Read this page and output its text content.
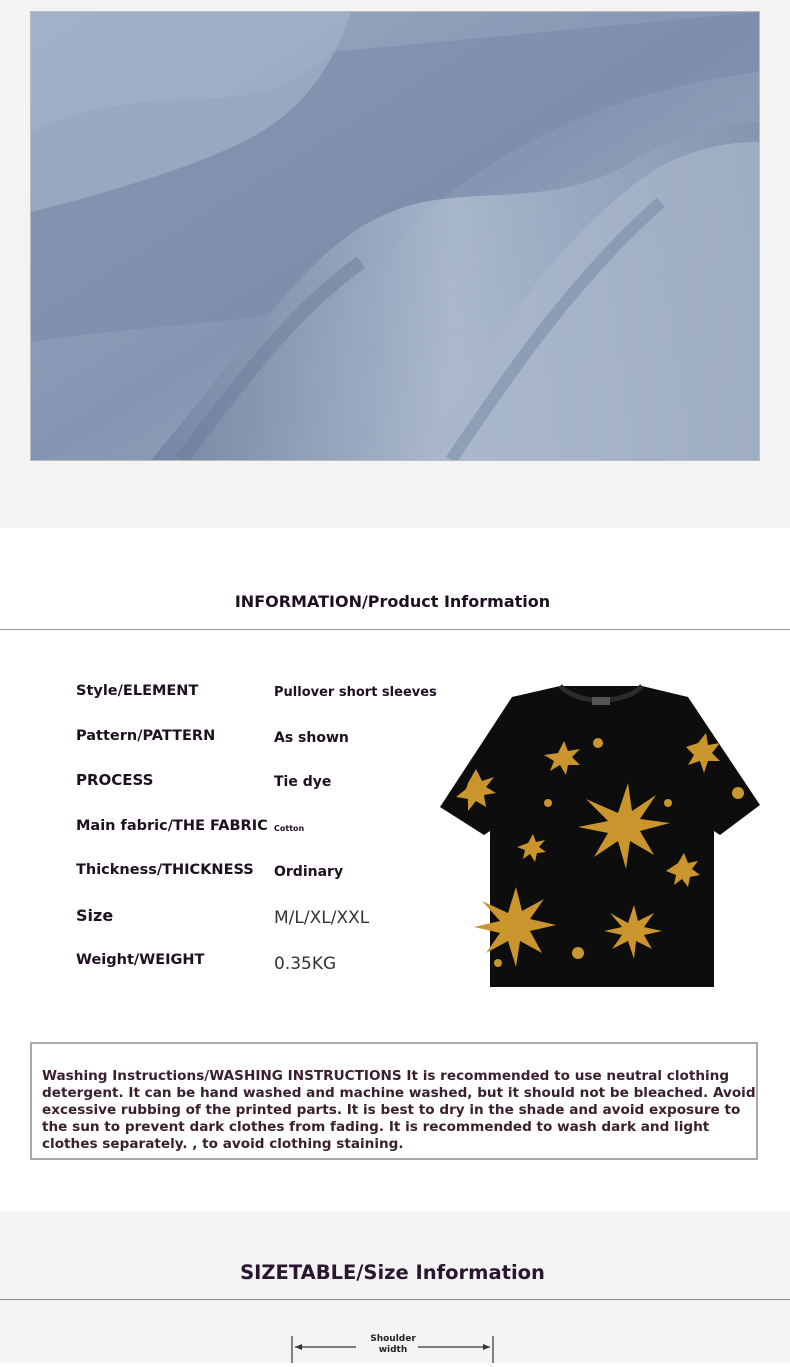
INFORMATION/Product Information
Style/ELEMENT	Pullover short sleeves
Pattern/PATTERN	As shown
PROCESS	Tie dye
Main fabric/THE FABRIC Cotton
Thickness/THICKNESS Ordinary
Size	M/L/XL/XXL
Weight/WEIGHT	0.35KG
Washing Instructions/WASHING INSTRUCTIONS It is recommended to use neutral clothing detergent. It can be hand washed and machine washed, but it should not be bleached. Avoid excessive rubbing of the printed parts. It is best to dry in the shade and avoid exposure to the sun to prevent dark clothes from fading. It is recommended to wash dark and light clothes separately. , to avoid clothing staining.
SIZETABLE/Size Information
Shoulder width
